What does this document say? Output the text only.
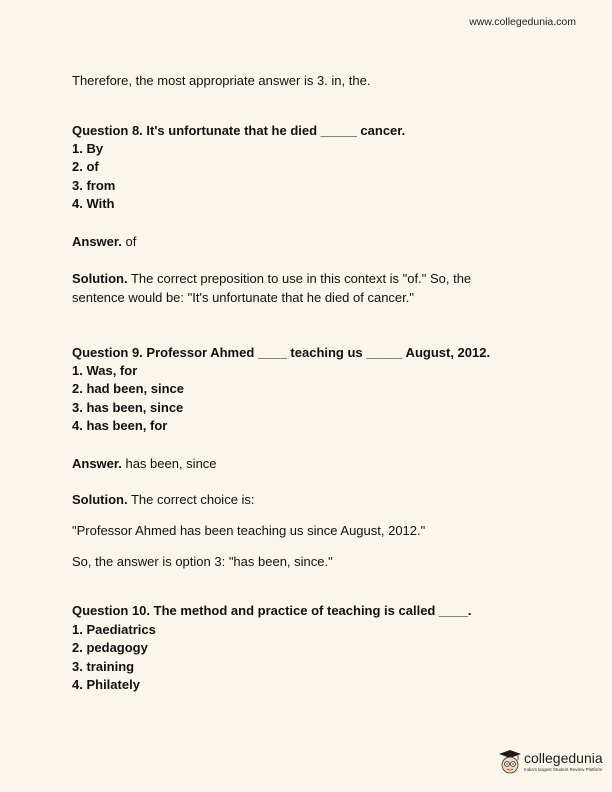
www.collegedunia.com
Therefore, the most appropriate answer is 3. in, the.
Question 8. It's unfortunate that he died _____ cancer.
1. By
2. of
3. from
4. With
Answer. of
Solution. The correct preposition to use in this context is "of." So, the
sentence would be: "It's unfortunate that he died of cancer."
Question 9. Professor Ahmed ____ teaching us _____ August, 2012.
1. Was, for
2. had been, since
3. has been, since
4. has been, for
Answer. has been, since
Solution. The correct choice is:
"Professor Ahmed has been teaching us since August, 2012."
So, the answer is option 3: "has been, since."
Question 10. The method and practice of teaching is called ____.
1. Paediatrics
2. pedagogy
3. training
4. Philately
collegedunia
India's largest Student Review Platform
